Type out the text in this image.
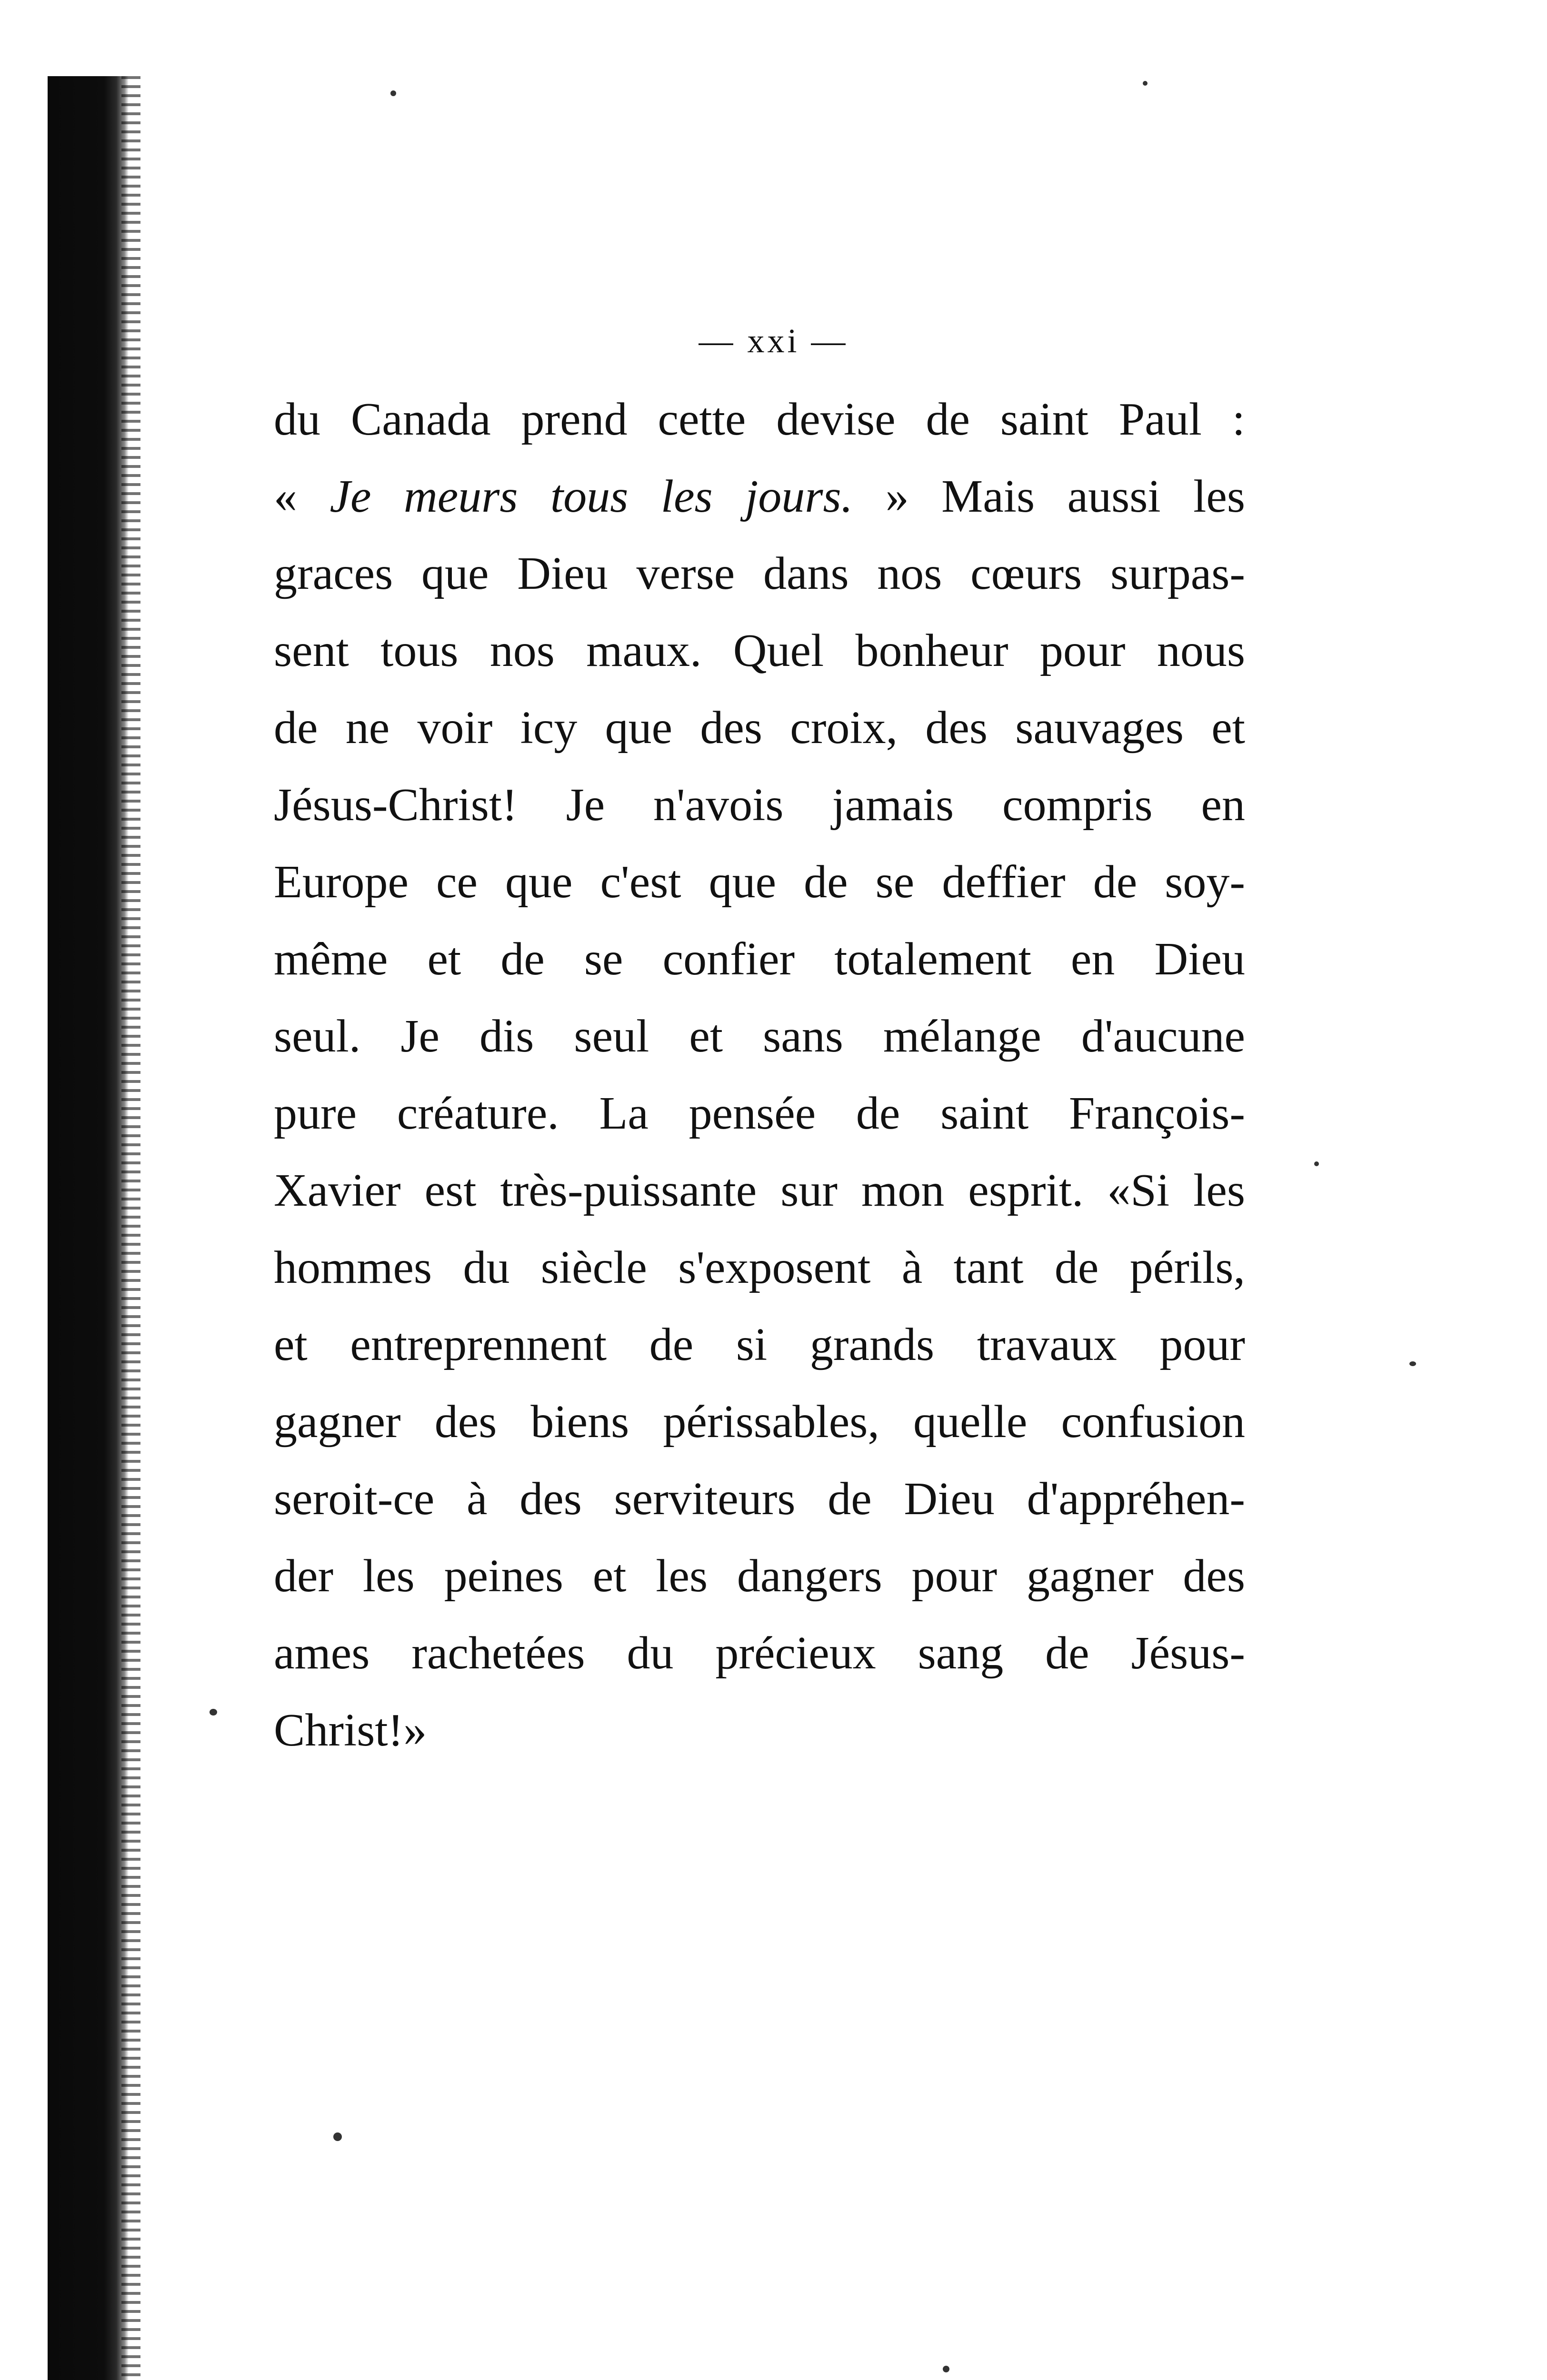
— xxi —
du Canada prend cette devise de saint Paul :
« Je meurs tous les jours. » Mais aussi les
graces que Dieu verse dans nos cœurs surpas-
sent tous nos maux. Quel bonheur pour nous
de ne voir icy que des croix, des sauvages et
Jésus-Christ! Je n'avois jamais compris en
Europe ce que c'est que de se deffier de soy-
même et de se confier totalement en Dieu
seul. Je dis seul et sans mélange d'aucune
pure créature. La pensée de saint François-
Xavier est très-puissante sur mon esprit. «Si les
hommes du siècle s'exposent à tant de périls,
et entreprennent de si grands travaux pour
gagner des biens périssables, quelle confusion
seroit-ce à des serviteurs de Dieu d'appréhen-
der les peines et les dangers pour gagner des
ames rachetées du précieux sang de Jésus-
Christ!»
